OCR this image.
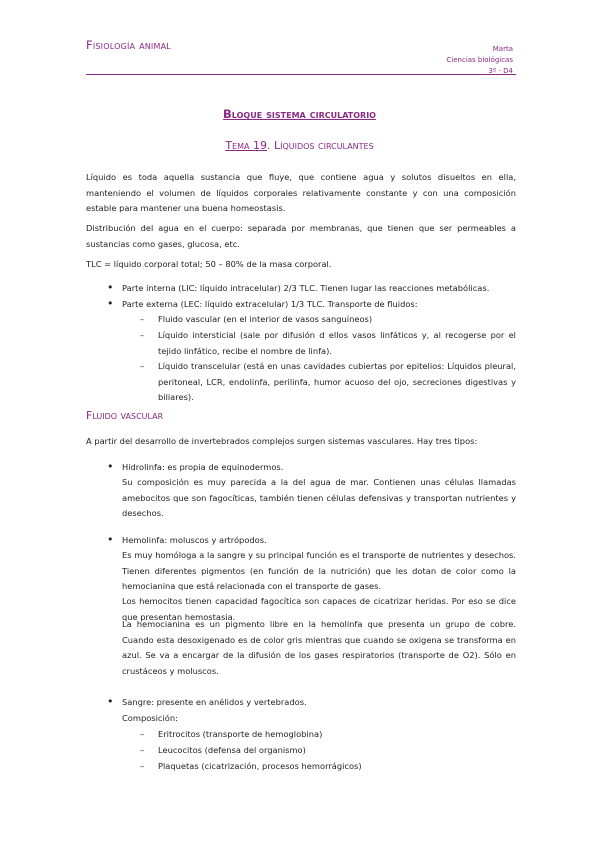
Fisiología animal	Marta
Ciencias biológicas
3º - D4
Bloque sistema circulatorio
Tema 19. Líquidos circulantes
Líquido es toda aquella sustancia que fluye, que contiene agua y solutos disueltos en ella, manteniendo el volumen de líquidos corporales relativamente constante y con una composición estable para mantener una buena homeostasis.
Distribución del agua en el cuerpo: separada por membranas, que tienen que ser permeables a sustancias como gases, glucosa, etc.
TLC = líquido corporal total; 50 – 80% de la masa corporal.
• Parte interna (LIC: líquido intracelular) 2/3 TLC. Tienen lugar las reacciones metabólicas.
• Parte externa (LEC: líquido extracelular) 1/3 TLC. Transporte de fluidos:
– Fluido vascular (en el interior de vasos sanguíneos)
– Líquido intersticial (sale por difusión d ellos vasos linfáticos y, al recogerse por el tejido linfático, recibe el nombre de linfa).
– Líquido transcelular (está en unas cavidades cubiertas por epitelios: Líquidos pleural, peritoneal, LCR, endolinfa, perilinfa, humor acuoso del ojo, secreciones digestivas y biliares).
Fluido vascular
A partir del desarrollo de invertebrados complejos surgen sistemas vasculares. Hay tres tipos:
• Hidrolinfa: es propia de equinodermos.
Su composición es muy parecida a la del agua de mar. Contienen unas células llamadas amebocitos que son fagocíticas, también tienen células defensivas y transportan nutrientes y desechos.
• Hemolinfa: moluscos y artrópodos.
Es muy homóloga a la sangre y su principal función es el transporte de nutrientes y desechos. Tienen diferentes pigmentos (en función de la nutrición) que les dotan de color como la hemocianina que está relacionada con el transporte de gases.
Los hemocitos tienen capacidad fagocítica son capaces de cicatrizar heridas. Por eso se dice que presentan hemostasia.
La hemocianina es un pigmento libre en la hemolinfa que presenta un grupo de cobre. Cuando esta desoxigenado es de color gris mientras que cuando se oxigena se transforma en azul. Se va a encargar de la difusión de los gases respiratorios (transporte de O2). Sólo en crustáceos y moluscos.
• Sangre: presente en anélidos y vertebrados.
Composición:
– Eritrocitos (transporte de hemoglobina)
– Leucocitos (defensa del organismo)
– Plaquetas (cicatrización, procesos hemorrágicos)
